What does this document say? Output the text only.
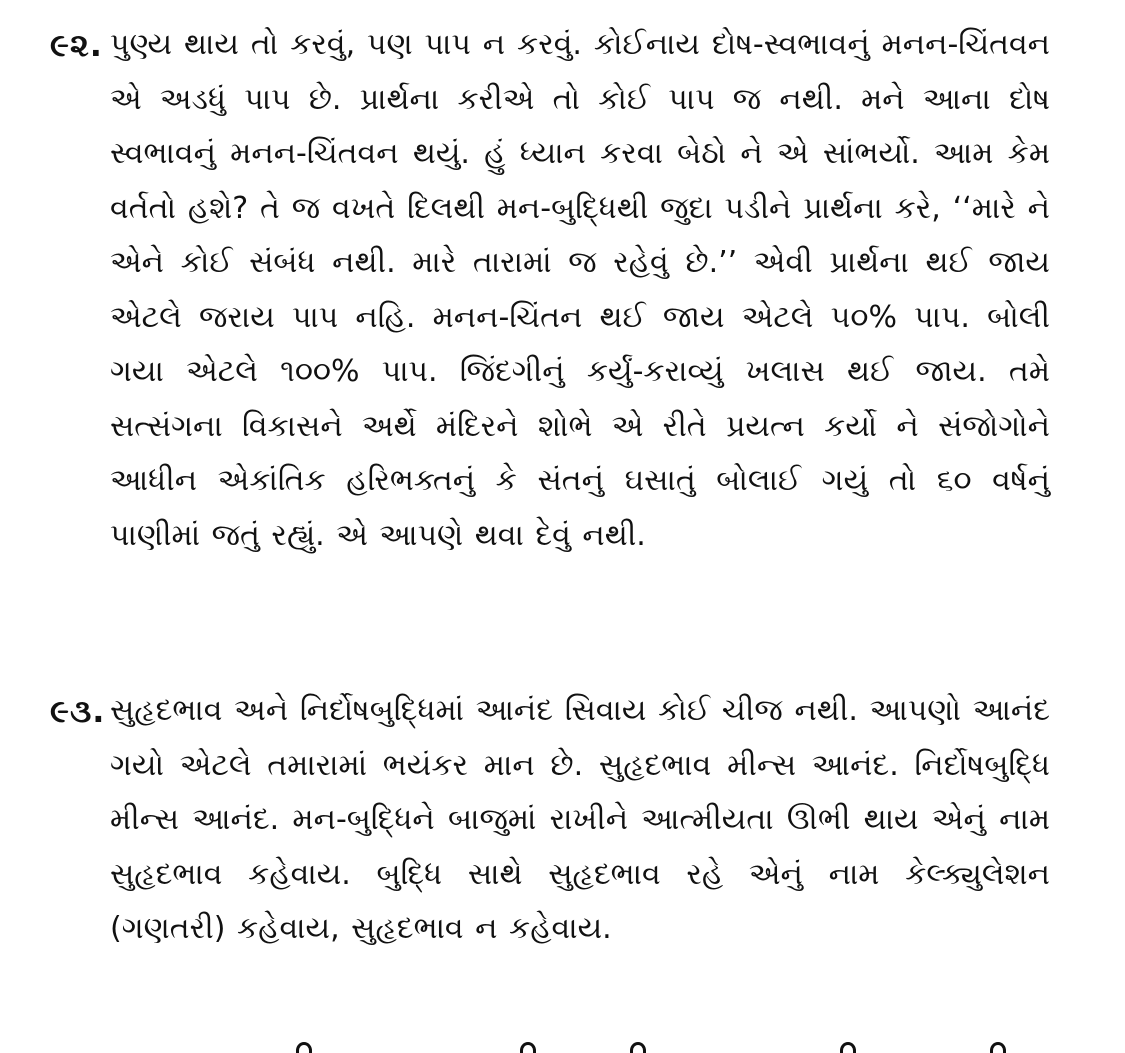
૯૨. પુણ્ય થાય તો કરવું, પણ પાપ ન કરવું. કોઈનાય દોષ-સ્વભાવનું મનન-ચિંતવન એ અડધું પાપ છે. પ્રાર્થના કરીએ તો કોઈ પાપ જ નથી. મને આના દોષ સ્વભાવનું મનન-ચિંતવન થયું. હું ધ્યાન કરવા બેઠો ને એ સાંભર્યો. આમ કેમ વર્તતો હશે? તે જ વખતે દિલથી મન-બુદ્ધિથી જુદા પડીને પ્રાર્થના કરે, ‘‘મારે ને એને કોઈ સંબંધ નથી. મારે તારામાં જ રહેવું છે.’’ એવી પ્રાર્થના થઈ જાય એટલે જરાય પાપ નહિ. મનન-ચિંતન થઈ જાય એટલે ૫૦% પાપ. બોલી ગયા એટલે ૧૦૦% પાપ. જિંદગીનું કર્યું-કરાવ્યું ખલાસ થઈ જાય. તમે સત્સંગના વિકાસને અર્થે મંદિરને શોભે એ રીતે પ્રયત્ન કર્યો ને સંજોગોને આધીન એકાંતિક હરિભક્તનું કે સંતનું ઘસાતું બોલાઈ ગયું તો ૬૦ વર્ષનું પાણીમાં જતું રહ્યું. એ આપણે થવા દેવું નથી.

૯૩. સુહૃદભાવ અને નિર્દોષબુદ્ધિમાં આનંદ સિવાય કોઈ ચીજ નથી. આપણો આનંદ ગયો એટલે તમારામાં ભયંકર માન છે. સુહૃદભાવ મીન્સ આનંદ. નિર્દોષબુદ્ધિ મીન્સ આનંદ. મન-બુદ્ધિને બાજુમાં રાખીને આત્મીયતા ઊભી થાય એનું નામ સુહૃદભાવ કહેવાય. બુદ્ધિ સાથે સુહૃદભાવ રહે એનું નામ કેલ્ક્યુલેશન (ગણતરી) કહેવાય, સુહૃદભાવ ન કહેવાય.
